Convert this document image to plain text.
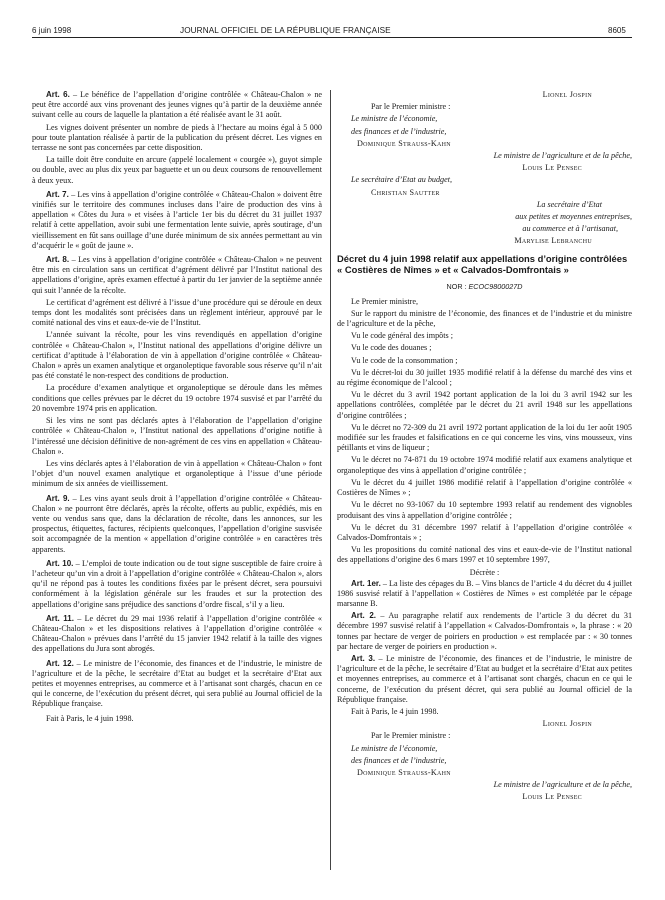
6 juin 1998	JOURNAL OFFICIEL DE LA RÉPUBLIQUE FRANÇAISE	8605

Art. 6. – Le bénéfice de l’appellation d’origine contrôlée « Château-Chalon » ne peut être accordé aux vins provenant des jeunes vignes qu’à partir de la deuxième année suivant celle au cours de laquelle la plantation a été réalisée avant le 31 août.

Les vignes doivent présenter un nombre de pieds à l’hectare au moins égal à 5 000 pour toute plantation réalisée à partir de la publication du présent décret. Les vignes en terrasse ne sont pas concernées par cette disposition.

La taille doit être conduite en arcure (appelé localement « courgée »), guyot simple ou double, avec au plus dix yeux par baguette et un ou deux coursons de renouvellement à deux yeux.

Art. 7. – Les vins à appellation d’origine contrôlée « Château-Chalon » doivent être vinifiés sur le territoire des communes incluses dans l’aire de production des vins à appellation « Côtes du Jura » et visées à l’article 1er bis du décret du 31 juillet 1937 relatif à cette appellation, avoir subi une fermentation lente suivie, après soutirage, d’un vieillissement en fût sans ouillage d’une durée minimum de six années permettant au vin d’acquérir le « goût de jaune ».

Art. 8. – Les vins à appellation d’origine contrôlée « Château-Chalon » ne peuvent être mis en circulation sans un certificat d’agrément délivré par l’Institut national des appellations d’origine, après examen effectué à partir du 1er janvier de la septième année qui suit l’année de la récolte.

Le certificat d’agrément est délivré à l’issue d’une procédure qui se déroule en deux temps dont les modalités sont précisées dans un règlement intérieur, approuvé par le comité national des vins et eaux-de-vie de l’Institut.

L’année suivant la récolte, pour les vins revendiqués en appellation d’origine contrôlée « Château-Chalon », l’Institut national des appellations d’origine délivre un certificat d’aptitude à l’élaboration de vin à appellation d’origine contrôlée « Château-Chalon » après un examen analytique et organoleptique favorable sous réserve qu’il n’ait pas été constaté le non-respect des conditions de production.

La procédure d’examen analytique et organoleptique se déroule dans les mêmes conditions que celles prévues par le décret du 19 octobre 1974 susvisé et par l’arrêté du 20 novembre 1974 pris en application.

Si les vins ne sont pas déclarés aptes à l’élaboration de l’appellation d’origine contrôlée « Château-Chalon », l’Institut national des appellations d’origine notifie à l’intéressé une décision définitive de non-agrément de ces vins en appellation « Château-Chalon ».

Les vins déclarés aptes à l’élaboration de vin à appellation « Château-Chalon » font l’objet d’un nouvel examen analytique et organoleptique à l’issue d’une période minimum de six années de vieillissement.

Art. 9. – Les vins ayant seuls droit à l’appellation d’origine contrôlée « Château-Chalon » ne pourront être déclarés, après la récolte, offerts au public, expédiés, mis en vente ou vendus sans que, dans la déclaration de récolte, dans les annonces, sur les prospectus, étiquettes, factures, récipients quelconques, l’appellation d’origine susvisée soit accompagnée de la mention « appellation d’origine contrôlée » en caractères très apparents.

Art. 10. – L’emploi de toute indication ou de tout signe susceptible de faire croire à l’acheteur qu’un vin a droit à l’appellation d’origine contrôlée « Château-Chalon », alors qu’il ne répond pas à toutes les conditions fixées par le présent décret, sera poursuivi conformément à la législation générale sur les fraudes et sur la protection des appellations d’origine sans préjudice des sanctions d’ordre fiscal, s’il y a lieu.

Art. 11. – Le décret du 29 mai 1936 relatif à l’appellation d’origine contrôlée « Château-Chalon » et les dispositions relatives à l’appellation d’origine contrôlée « Château-Chalon » prévues dans l’arrêté du 15 janvier 1942 relatif à la taille des vignes des appellations du Jura sont abrogés.

Art. 12. – Le ministre de l’économie, des finances et de l’industrie, le ministre de l’agriculture et de la pêche, le secrétaire d’Etat au budget et la secrétaire d’Etat aux petites et moyennes entreprises, au commerce et à l’artisanat sont chargés, chacun en ce qui le concerne, de l’exécution du présent décret, qui sera publié au Journal officiel de la République française.

Fait à Paris, le 4 juin 1998.

Lionel Jospin

Par le Premier ministre :

Le ministre de l’économie,

des finances et de l’industrie,

Dominique Strauss-Kahn

Le ministre de l’agriculture et de la pêche,

Louis Le Pensec

Le secrétaire d’Etat au budget,

Christian Sautter

La secrétaire d’Etat

aux petites et moyennes entreprises,

au commerce et à l’artisanat,

Marylise Lebranchu

Décret du 4 juin 1998 relatif aux appellations d’origine contrôlées « Costières de Nîmes » et « Calvados-Domfrontais »
NOR : ECOC9800027D

Le Premier ministre,

Sur le rapport du ministre de l’économie, des finances et de l’industrie et du ministre de l’agriculture et de la pêche,

Vu le code général des impôts ;

Vu le code des douanes ;

Vu le code de la consommation ;

Vu le décret-loi du 30 juillet 1935 modifié relatif à la défense du marché des vins et au régime économique de l’alcool ;

Vu le décret du 3 avril 1942 portant application de la loi du 3 avril 1942 sur les appellations contrôlées, complétée par le décret du 21 avril 1948 sur les appellations d’origine contrôlées ;

Vu le décret no 72-309 du 21 avril 1972 portant application de la loi du 1er août 1905 modifiée sur les fraudes et falsifications en ce qui concerne les vins, vins mousseux, vins pétillants et vins de liqueur ;

Vu le décret no 74-871 du 19 octobre 1974 modifié relatif aux examens analytique et organoleptique des vins à appellation d’origine contrôlée ;

Vu le décret du 4 juillet 1986 modifié relatif à l’appellation d’origine contrôlée « Costières de Nîmes » ;

Vu le décret no 93-1067 du 10 septembre 1993 relatif au rendement des vignobles produisant des vins à appellation d’origine contrôlée ;

Vu le décret du 31 décembre 1997 relatif à l’appellation d’origine contrôlée « Calvados-Domfrontais » ;

Vu les propositions du comité national des vins et eaux-de-vie de l’Institut national des appellations d’origine des 6 mars 1997 et 10 septembre 1997,

Décrète :

Art. 1er. – La liste des cépages du B. – Vins blancs de l’article 4 du décret du 4 juillet 1986 susvisé relatif à l’appellation « Costières de Nîmes » est complétée par le cépage marsanne B.

Art. 2. – Au paragraphe relatif aux rendements de l’article 3 du décret du 31 décembre 1997 susvisé relatif à l’appellation « Calvados-Domfrontais », la phrase : « 20 tonnes par hectare de verger de poiriers en production » est remplacée par : « 30 tonnes par hectare de verger de poiriers en production ».

Art. 3. – Le ministre de l’économie, des finances et de l’industrie, le ministre de l’agriculture et de la pêche, le secrétaire d’Etat au budget et la secrétaire d’Etat aux petites et moyennes entreprises, au commerce et à l’artisanat sont chargés, chacun en ce qui le concerne, de l’exécution du présent décret, qui sera publié au Journal officiel de la République française.

Fait à Paris, le 4 juin 1998.

Lionel Jospin

Par le Premier ministre :

Le ministre de l’économie,

des finances et de l’industrie,

Dominique Strauss-Kahn

Le ministre de l’agriculture et de la pêche,

Louis Le Pensec
